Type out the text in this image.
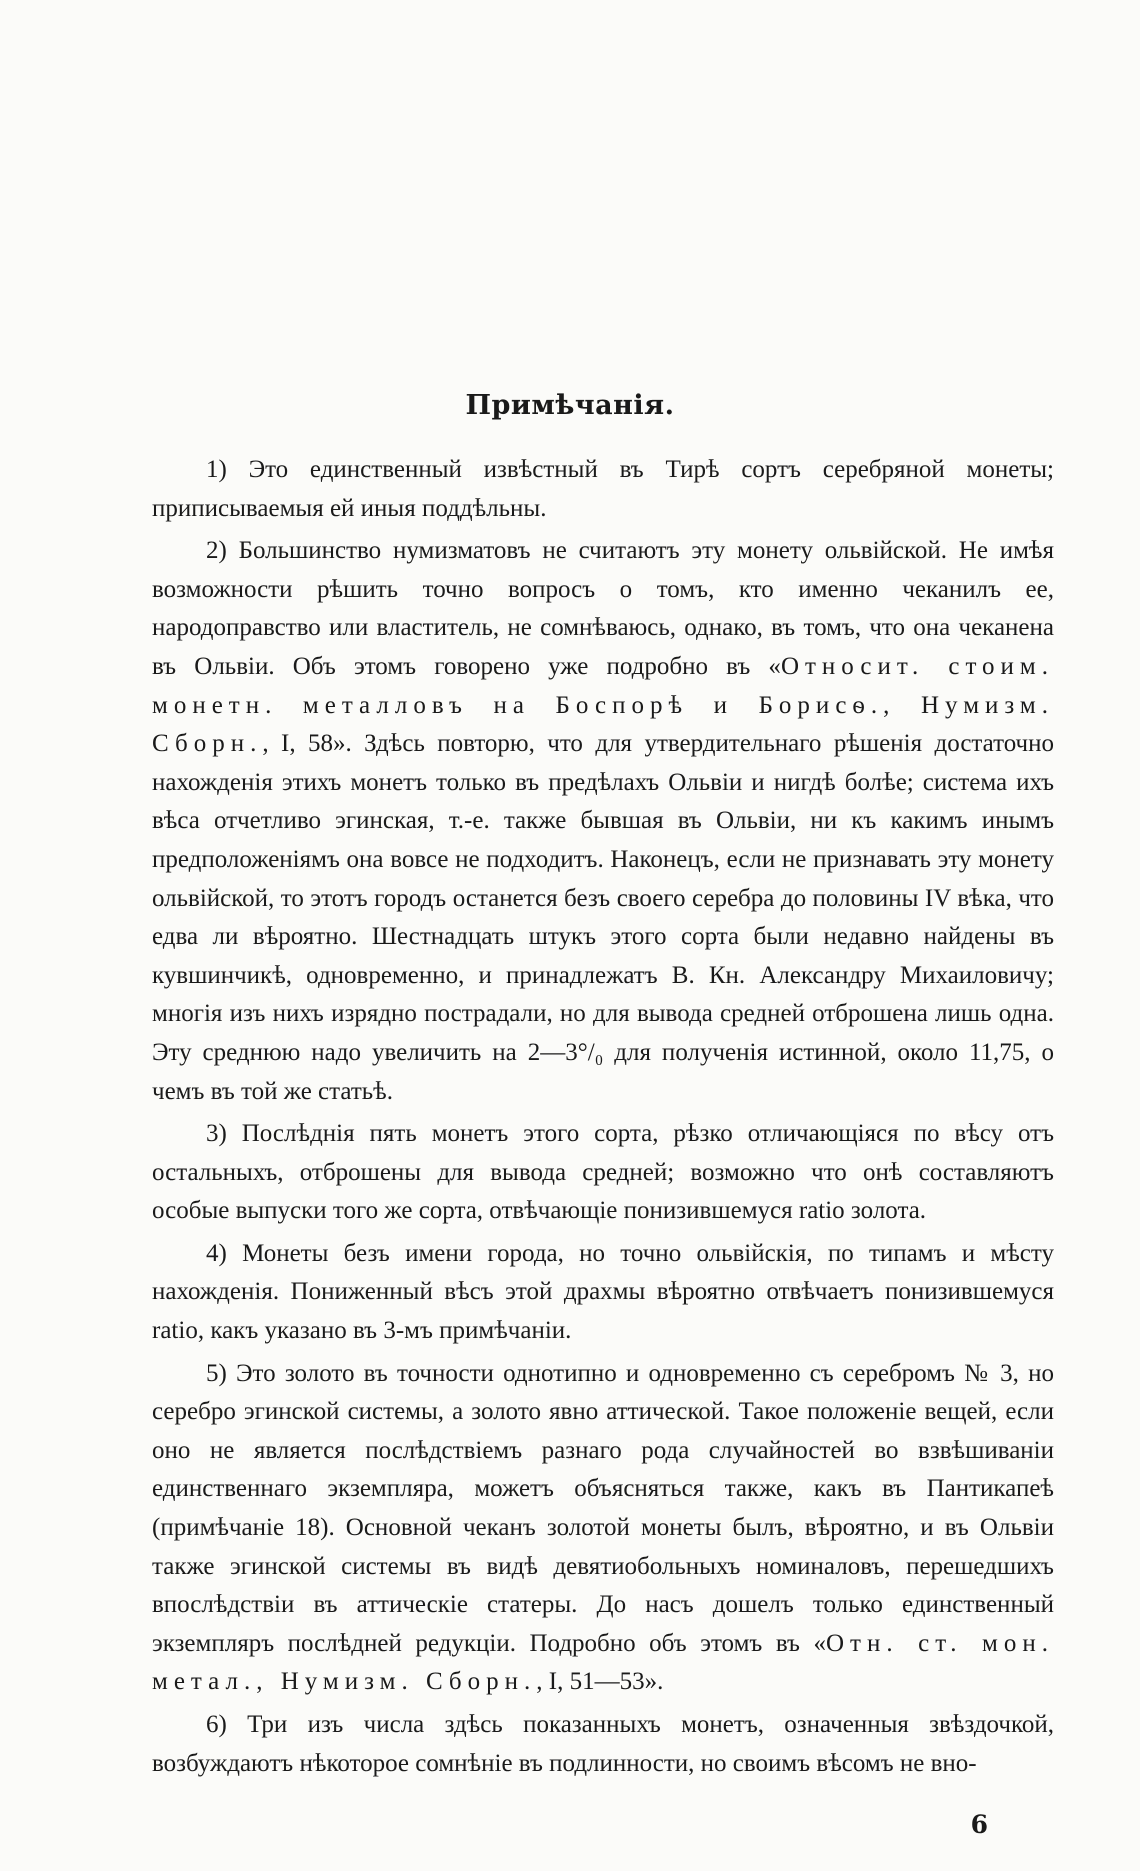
Примѣчанія.

1) Это единственный извѣстный въ Тирѣ сортъ серебряной монеты; приписываемыя ей иныя поддѣльны.

2) Большинство нумизматовъ не считаютъ эту монету ольвійской. Не имѣя возможности рѣшить точно вопросъ о томъ, кто именно чеканилъ ее, народоправство или властитель, не сомнѣваюсь, однако, въ томъ, что она чеканена въ Ольвіи. Объ этомъ говорено уже подробно въ «Относит. стоим. монетн. металловъ на Боспорѣ и Борисѳ., Нумизм. Сборн., I, 58». Здѣсь повторю, что для утвердительнаго рѣшенія достаточно нахожденія этихъ монетъ только въ предѣлахъ Ольвіи и нигдѣ болѣе; система ихъ вѣса отчетливо эгинская, т.-е. также бывшая въ Ольвіи, ни къ какимъ инымъ предположеніямъ она вовсе не подходитъ. Наконецъ, если не признавать эту монету ольвійской, то этотъ городъ останется безъ своего серебра до половины IV вѣка, что едва ли вѣроятно. Шестнадцать штукъ этого сорта были недавно найдены въ кувшинчикѣ, одновременно, и принадлежатъ В. Кн. Александру Михаиловичу; многія изъ нихъ изрядно пострадали, но для вывода средней отброшена лишь одна. Эту среднюю надо увеличить на 2—3°/₀ для полученія истинной, около 11,75, о чемъ въ той же статьѣ.

3) Послѣднія пять монетъ этого сорта, рѣзко отличающіяся по вѣсу отъ остальныхъ, отброшены для вывода средней; возможно что онѣ составляютъ особые выпуски того же сорта, отвѣчающіе понизившемуся ratio золота.

4) Монеты безъ имени города, но точно ольвійскія, по типамъ и мѣсту нахожденія. Пониженный вѣсъ этой драхмы вѣроятно отвѣчаетъ понизившемуся ratio, какъ указано въ 3-мъ примѣчаніи.

5) Это золото въ точности однотипно и одновременно съ серебромъ № 3, но серебро эгинской системы, а золото явно аттической. Такое положеніе вещей, если оно не является послѣдствіемъ разнаго рода случайностей во взвѣшиваніи единственнаго экземпляра, можетъ объясняться также, какъ въ Пантикапеѣ (примѣчаніе 18). Основной чеканъ золотой монеты былъ, вѣроятно, и въ Ольвіи также эгинской системы въ видѣ девятиобольныхъ номиналовъ, перешедшихъ впослѣдствіи въ аттическіе статеры. До насъ дошелъ только единственный экземпляръ послѣдней редукціи. Подробно объ этомъ въ «Отн. ст. мон. метал., Нумизм. Сборн., I, 51—53».

6) Три изъ числа здѣсь показанныхъ монетъ, означенныя звѣздочкой, возбуждаютъ нѣкоторое сомнѣніе въ подлинности, но своимъ вѣсомъ не вно-

6
